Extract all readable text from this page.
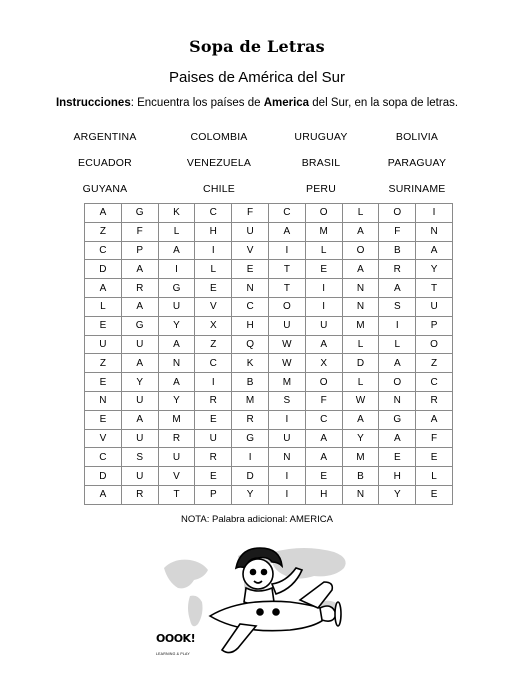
Sopa de Letras
Paises de América del Sur
Instrucciones: Encuentra los países de America del Sur, en la sopa de letras.
ARGENTINA	COLOMBIA	URUGUAY	BOLIVIA
ECUADOR	VENEZUELA	BRASIL	PARAGUAY
GUYANA	CHILE	PERU	SURINAME
A	G	K	C	F	C	O	L	O	I
Z	F	L	H	U	A	M	A	F	N
C	P	A	I	V	I	L	O	B	A
D	A	I	L	E	T	E	A	R	Y
A	R	G	E	N	T	I	N	A	T
L	A	U	V	C	O	I	N	S	U
E	G	Y	X	H	U	U	M	I	P
U	U	A	Z	Q	W	A	L	L	O
Z	A	N	C	K	W	X	D	A	Z
E	Y	A	I	B	M	O	L	O	C
N	U	Y	R	M	S	F	W	N	R
E	A	M	E	R	I	C	A	G	A
V	U	R	U	G	U	A	Y	A	F
C	S	U	R	I	N	A	M	E	E
D	U	V	E	D	I	E	B	H	L
A	R	T	P	Y	I	H	N	Y	E
NOTA: Palabra adicional: AMERICA
OOOK!
LEARNING & PLAY
